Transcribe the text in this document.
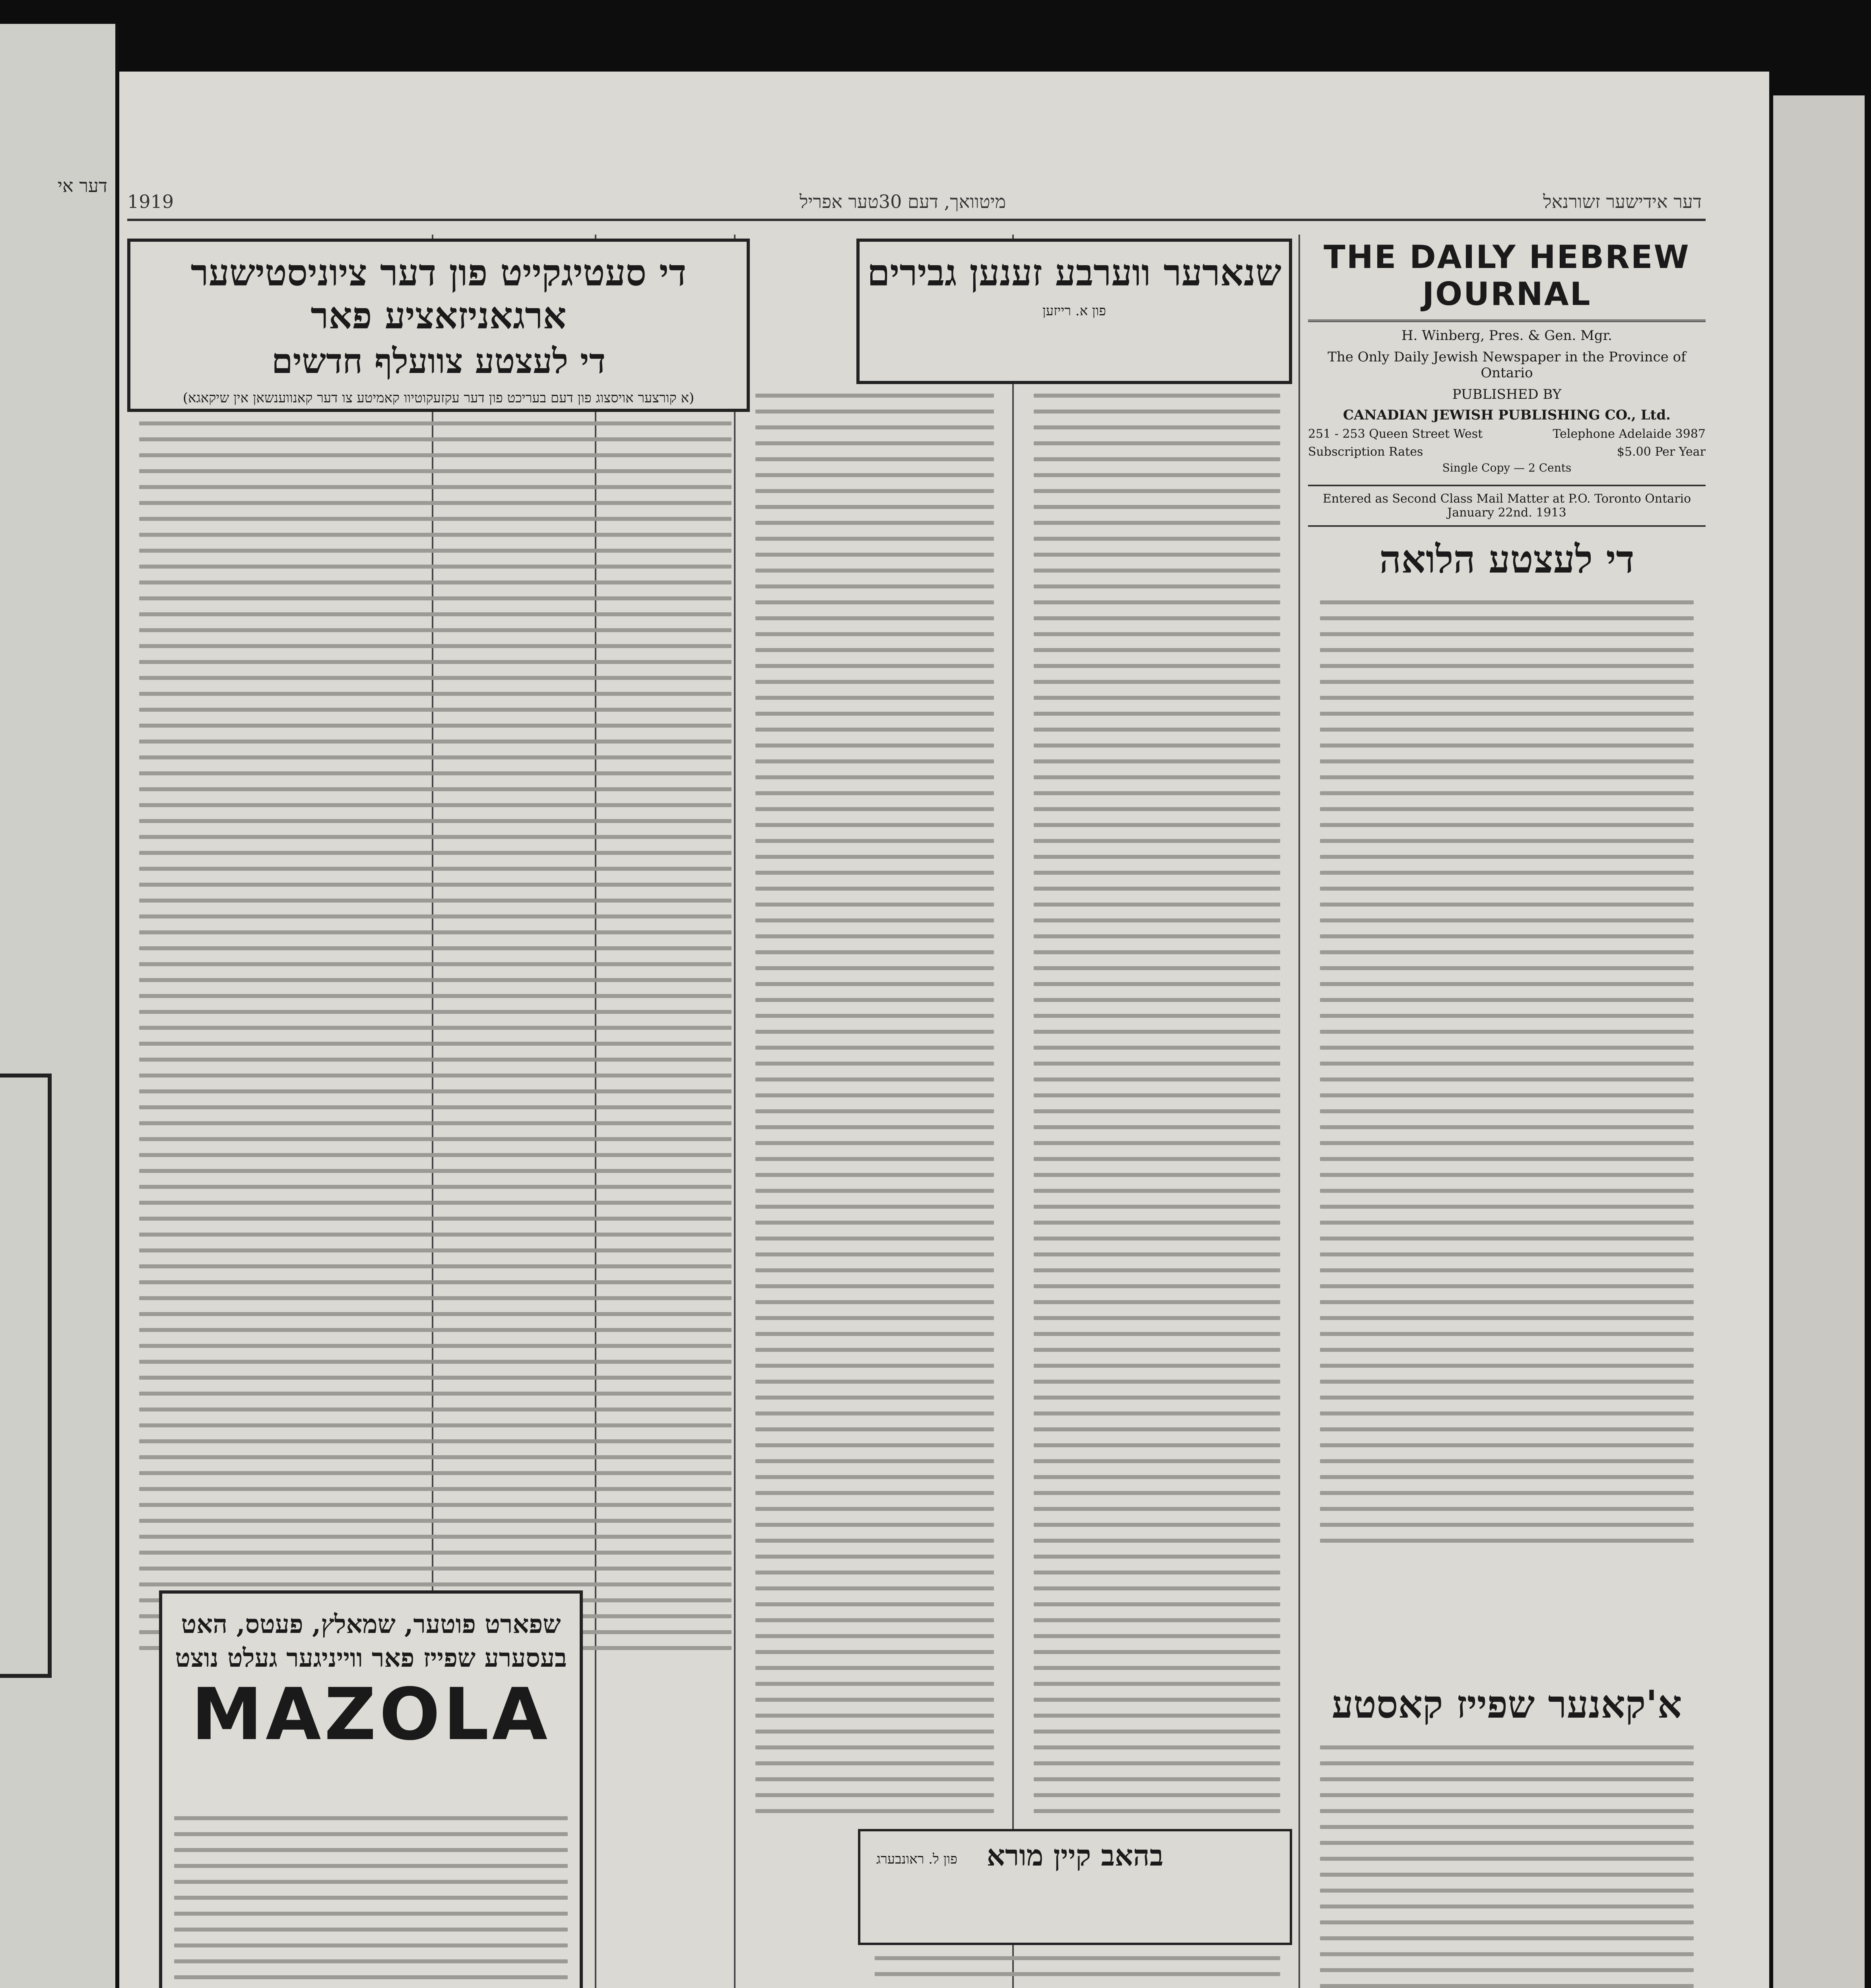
דער אי
דער אידישער זשורנאל
מיטוואך, דעם 30טער אפריל
1919
THE DAILY HEBREW JOURNAL
H. Winberg, Pres. & Gen. Mgr.
The Only Daily Jewish Newspaper in the Province of Ontario
PUBLISHED BY
CANADIAN JEWISH PUBLISHING CO., Ltd.
251 - 253 Queen Street West	Telephone Adelaide 3987
Subscription Rates	$5.00 Per Year
Single Copy — 2 Cents
Entered as Second Class Mail Matter at P.O. Toronto Ontario January 22nd. 1913
די לעצטע הלואה
א'קאנער שפייז קאסטע
שנארער ווערבע זענען גבירים
פון א. רייזען
בהאב קיין מורא
פון ל. ראונבערג
די סעטיגקייט פון דער ציוניסטישער ארגאניזאציע פאר
די לעצטע צוועלף חדשים
(א קורצער אויסצוג פון דעם בעריכט פון דער עקזעקוטיוו קאמיטע צו דער קאנווענשאן אין שיקאגא)
שפארט פוטער, שמאלץ, פעטס, האט
בעסערע שפייז פאר ווייניגער געלט נוצט
MAZOLA
